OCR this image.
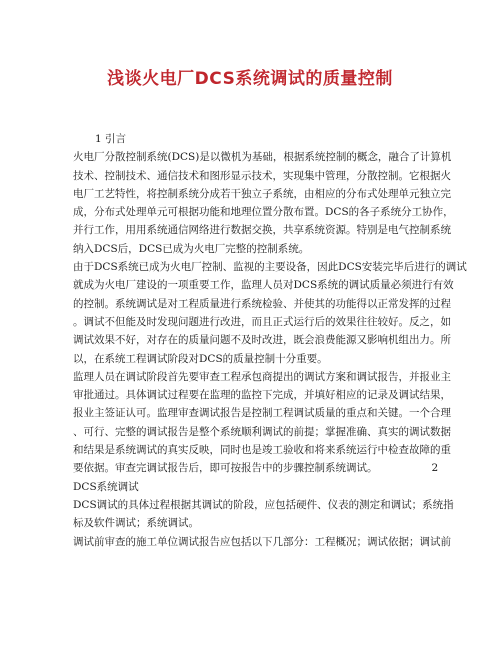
浅谈火电厂DCS系统调试的质量控制
1 引言
火电厂分散控制系统(DCS)是以微机为基础，根据系统控制的概念，融合了计算机
技术、控制技术、通信技术和图形显示技术，实现集中管理，分散控制。它根据火
电厂工艺特性，将控制系统分成若干独立子系统，由相应的分布式处理单元独立完
成，分布式处理单元可根据功能和地理位置分散布置。DCS的各子系统分工协作，
并行工作，用用系统通信网络进行数据交换，共享系统资源。特别是电气控制系统
纳入DCS后，DCS已成为火电厂完整的控制系统。
由于DCS系统已成为火电厂控制、监视的主要设备，因此DCS安装完毕后进行的调试
就成为火电厂建设的一项重要工作，监理人员对DCS系统的调试质量必须进行有效
的控制。系统调试是对工程质量进行系统检验、并使其的功能得以正常发挥的过程
。调试不但能及时发现问题进行改进，而且正式运行后的效果往往较好。反之，如
调试效果不好，对存在的质量问题不及时改进，既会浪费能源又影响机组出力。所
以，在系统工程调试阶段对DCS的质量控制十分重要。
监理人员在调试阶段首先要审查工程承包商提出的调试方案和调试报告，并报业主
审批通过。具体调试过程要在监理的监控下完成，并填好相应的记录及调试结果，
报业主签证认可。监理审查调试报告是控制工程调试质量的重点和关键。一个合理
、可行、完整的调试报告是整个系统顺利调试的前提；掌握准确、真实的调试数据
和结果是系统调试的真实反映，同时也是竣工验收和将来系统运行中检查故障的重
要依据。审查完调试报告后，即可按报告中的步骤控制系统调试。	2
DCS系统调试
DCS调试的具体过程根据其调试的阶段，应包括硬件、仪表的测定和调试；系统指
标及软件调试；系统调试。
调试前审查的施工单位调试报告应包括以下几部分：工程概况；调试依据；调试前
